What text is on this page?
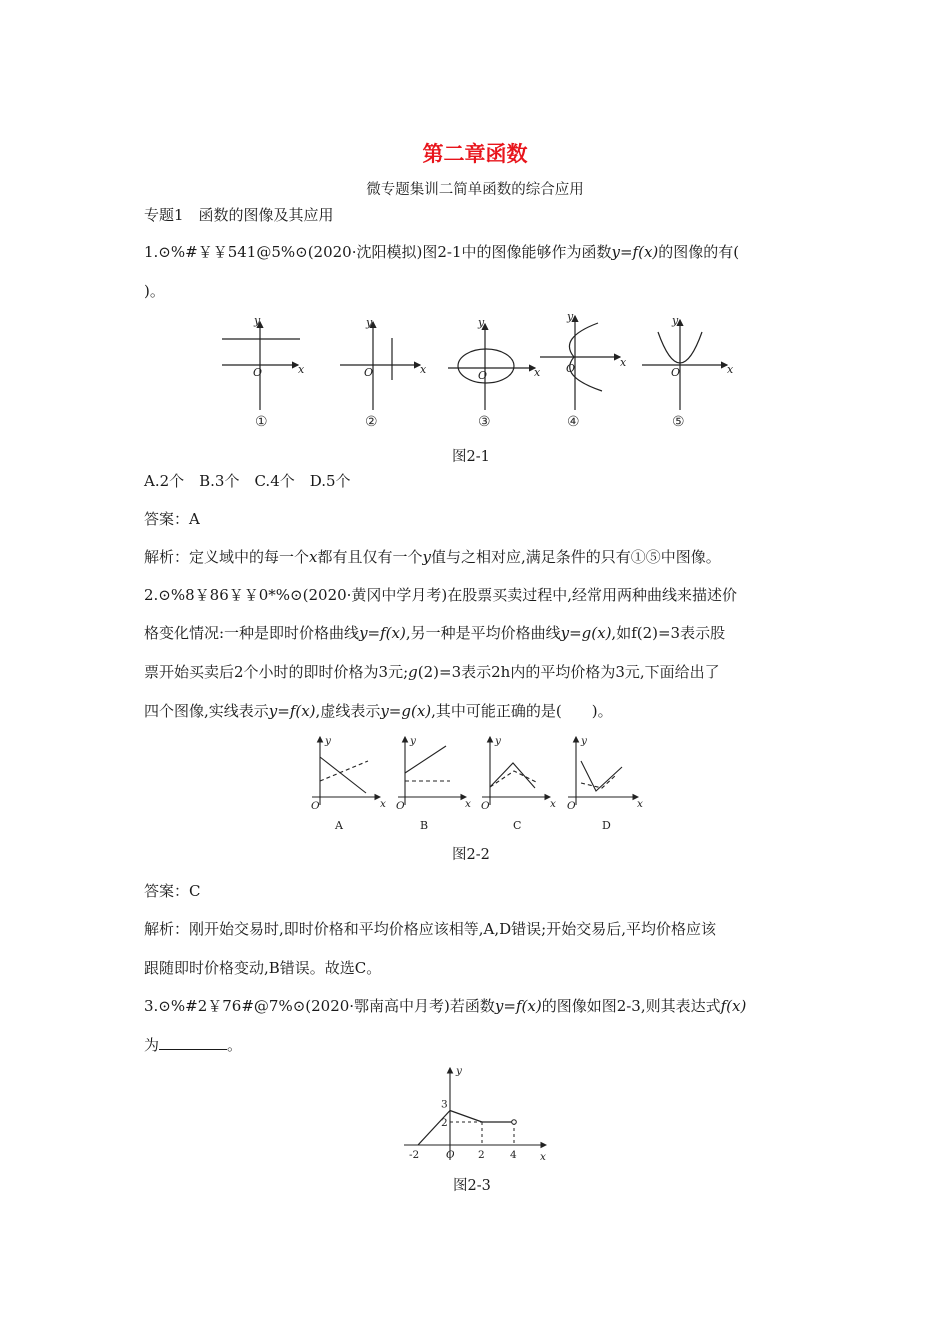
第二章函数
微专题集训二简单函数的综合应用
专题1　函数的图像及其应用
1.⊙%#￥￥541@5%⊙(2020·沈阳模拟)图2-1中的图像能够作为函数y=f(x)的图像的有(
)。
O	x
y
O	x
y
O	x
y
O	x
y
O	x
y
①	②	③	④	⑤
图2-1
A.2个　B.3个　C.4个　D.5个
答案：A
解析：定义域中的每一个x都有且仅有一个y值与之相对应,满足条件的只有①⑤中图像。
2.⊙%8￥86￥￥0*%⊙(2020·黄冈中学月考)在股票买卖过程中,经常用两种曲线来描述价
格变化情况:一种是即时价格曲线y=f(x),另一种是平均价格曲线y=g(x),如f(2)=3表示股
票开始买卖后2个小时的即时价格为3元;g(2)=3表示2h内的平均价格为3元,下面给出了
四个图像,实线表示y=f(x),虚线表示y=g(x),其中可能正确的是(　　)。
O	x
y
O	x
y
O	x
y
O	x
y
A	B	C	D
图2-2
答案：C
解析：刚开始交易时,即时价格和平均价格应该相等,A,D错误;开始交易后,平均价格应该
跟随即时价格变动,B错误。故选C。
3.⊙%#2￥76#@7%⊙(2020·鄂南高中月考)若函数y=f(x)的图像如图2-3,则其表达式f(x)
为	。
-2	O 2 4
2
3
x
y
图2-3
